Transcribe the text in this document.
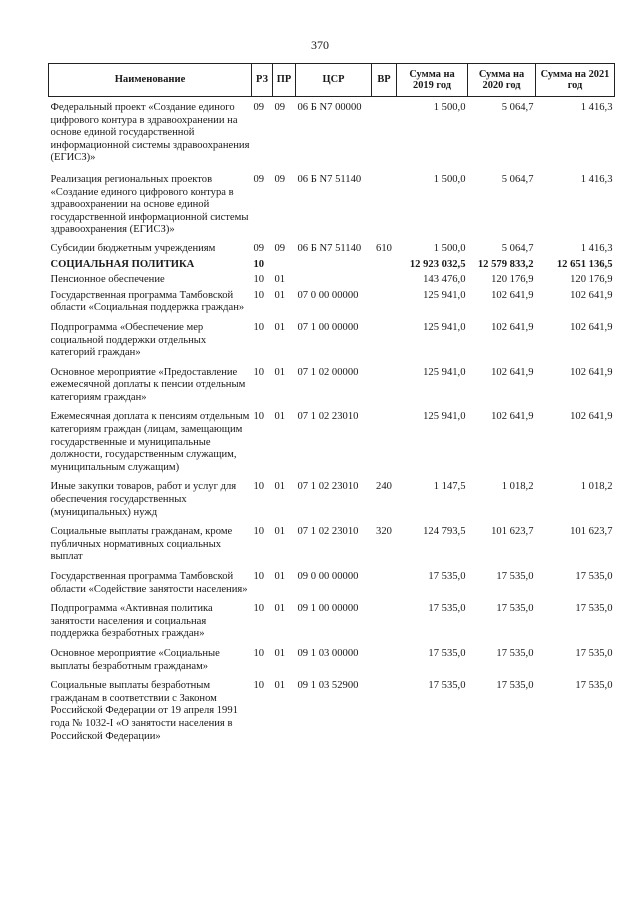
370
Наименование	РЗ	ПР	ЦСР	ВР	Сумма на 2019 год	Сумма на 2020 год	Сумма на 2021 год
Федеральный проект «Создание единого цифрового контура в здравоохранении на основе единой государственной информационной системы здравоохранения (ЕГИСЗ)»	09	09	06 Б N7 00000		1 500,0	5 064,7	1 416,3
Реализация региональных проектов «Создание единого цифрового контура в здравоохранении на основе единой государственной информационной системы здравоохранения (ЕГИСЗ)»	09	09	06 Б N7 51140		1 500,0	5 064,7	1 416,3
Субсидии бюджетным учреждениям	09	09	06 Б N7 51140	610	1 500,0	5 064,7	1 416,3
СОЦИАЛЬНАЯ ПОЛИТИКА	10				12 923 032,5	12 579 833,2	12 651 136,5
Пенсионное обеспечение	10	01			143 476,0	120 176,9	120 176,9
Государственная программа Тамбовской области «Социальная поддержка граждан»	10	01	07 0 00 00000		125 941,0	102 641,9	102 641,9
Подпрограмма «Обеспечение мер социальной поддержки отдельных категорий граждан»	10	01	07 1 00 00000		125 941,0	102 641,9	102 641,9
Основное мероприятие «Предоставление ежемесячной доплаты к пенсии отдельным категориям граждан»	10	01	07 1 02 00000		125 941,0	102 641,9	102 641,9
Ежемесячная доплата к пенсиям отдельным категориям граждан (лицам, замещающим государственные и муниципальные должности, государственным служащим, муниципальным служащим)	10	01	07 1 02 23010		125 941,0	102 641,9	102 641,9
Иные закупки товаров, работ и услуг для обеспечения государственных (муниципальных) нужд	10	01	07 1 02 23010	240	1 147,5	1 018,2	1 018,2
Социальные выплаты гражданам, кроме публичных нормативных социальных выплат	10	01	07 1 02 23010	320	124 793,5	101 623,7	101 623,7
Государственная программа Тамбовской области «Содействие занятости населения»	10	01	09 0 00 00000		17 535,0	17 535,0	17 535,0
Подпрограмма «Активная политика занятости населения и социальная поддержка безработных граждан»	10	01	09 1 00 00000		17 535,0	17 535,0	17 535,0
Основное мероприятие «Социальные выплаты безработным гражданам»	10	01	09 1 03 00000		17 535,0	17 535,0	17 535,0
Социальные выплаты безработным гражданам в соответствии с Законом Российской Федерации от 19 апреля 1991 года № 1032-I «О занятости населения в Российской Федерации»	10	01	09 1 03 52900		17 535,0	17 535,0	17 535,0
